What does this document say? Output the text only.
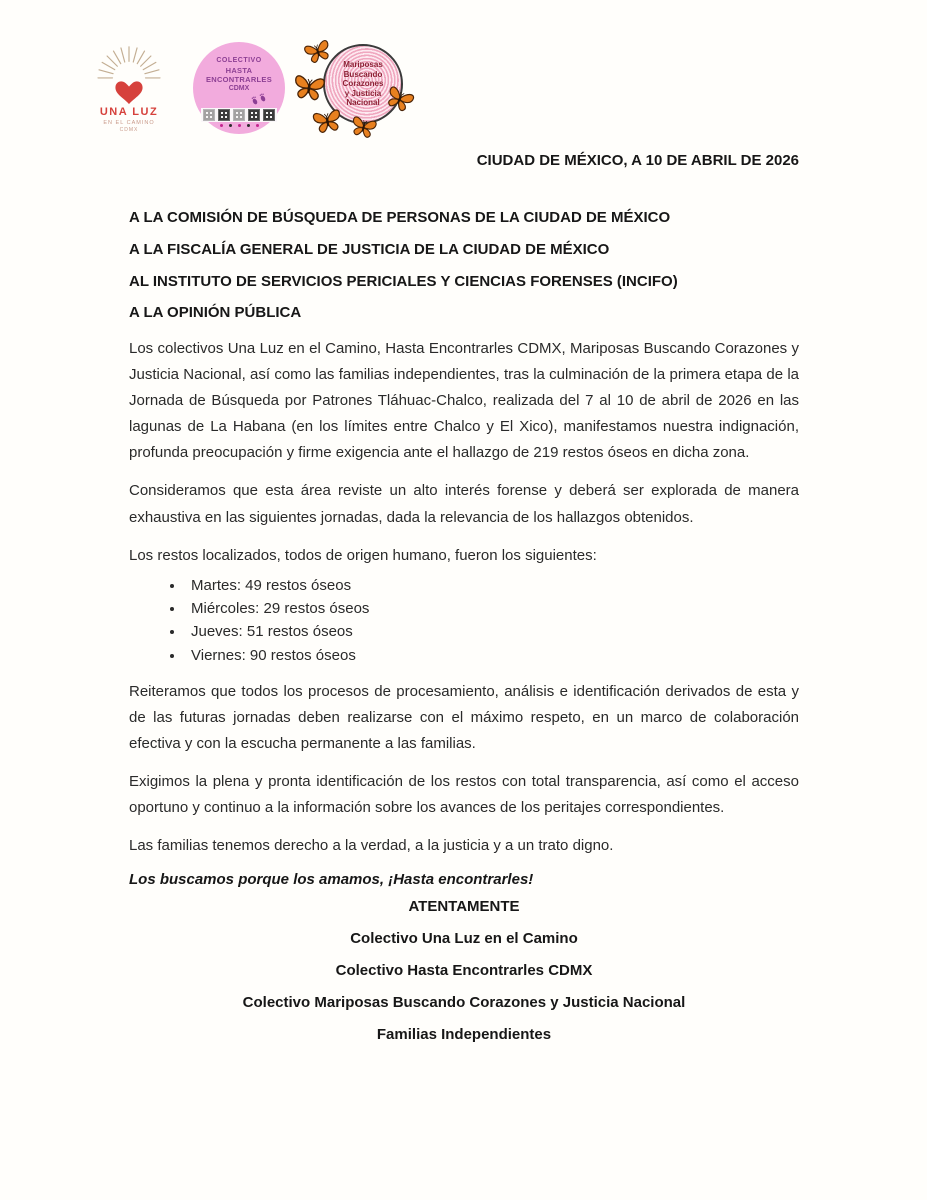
UNA LUZ
EN EL CAMINO
CDMX
COLECTIVO
HASTA ENCONTRARLES
CDMX
Mariposas
Buscando Corazones
y Justicia
Nacional

CIUDAD DE MÉXICO, A 10 DE ABRIL DE 2026

A LA COMISIÓN DE BÚSQUEDA DE PERSONAS DE LA CIUDAD DE MÉXICO

A LA FISCALÍA GENERAL DE JUSTICIA DE LA CIUDAD DE MÉXICO

AL INSTITUTO DE SERVICIOS PERICIALES Y CIENCIAS FORENSES (INCIFO)

A LA OPINIÓN PÚBLICA

Los colectivos Una Luz en el Camino, Hasta Encontrarles CDMX, Mariposas Buscando Corazones y Justicia Nacional, así como las familias independientes, tras la culminación de la primera etapa de la Jornada de Búsqueda por Patrones Tláhuac-Chalco, realizada del 7 al 10 de abril de 2026 en las lagunas de La Habana (en los límites entre Chalco y El Xico), manifestamos nuestra indignación, profunda preocupación y firme exigencia ante el hallazgo de 219 restos óseos en dicha zona.

Consideramos que esta área reviste un alto interés forense y deberá ser explorada de manera exhaustiva en las siguientes jornadas, dada la relevancia de los hallazgos obtenidos.

Los restos localizados, todos de origen humano, fueron los siguientes:

• Martes: 49 restos óseos
• Miércoles: 29 restos óseos
• Jueves: 51 restos óseos
• Viernes: 90 restos óseos

Reiteramos que todos los procesos de procesamiento, análisis e identificación derivados de esta y de las futuras jornadas deben realizarse con el máximo respeto, en un marco de colaboración efectiva y con la escucha permanente a las familias.

Exigimos la plena y pronta identificación de los restos con total transparencia, así como el acceso oportuno y continuo a la información sobre los avances de los peritajes correspondientes.

Las familias tenemos derecho a la verdad, a la justicia y a un trato digno.

Los buscamos porque los amamos, ¡Hasta encontrarles!

ATENTAMENTE

Colectivo Una Luz en el Camino

Colectivo Hasta Encontrarles CDMX

Colectivo Mariposas Buscando Corazones y Justicia Nacional

Familias Independientes
